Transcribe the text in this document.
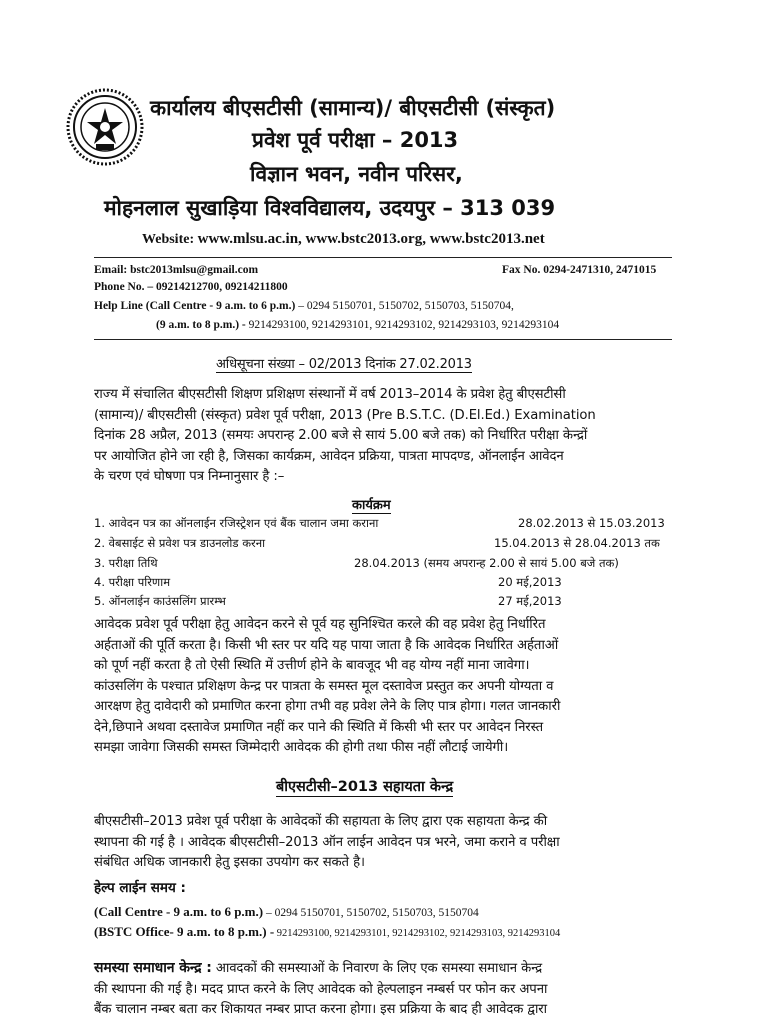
कार्यालय बीएसटीसी (सामान्य)/ बीएसटीसी (संस्कृत)
प्रवेश पूर्व परीक्षा – 2013
विज्ञान भवन, नवीन परिसर,
मोहनलाल सुखाड़िया विश्वविद्यालय, उदयपुर – 313 039
Website: www.mlsu.ac.in, www.bstc2013.org, www.bstc2013.net
Email: bstc2013mlsu@gmail.com	Fax No. 0294-2471310, 2471015
Phone No. – 09214212700, 09214211800
Help Line (Call Centre - 9 a.m. to 6 p.m.) – 0294 5150701, 5150702, 5150703, 5150704,
(9 a.m. to 8 p.m.) - 9214293100, 9214293101, 9214293102, 9214293103, 9214293104
अधिसूचना संख्या – 02/2013 दिनांक 27.02.2013
राज्य में संचालित बीएसटीसी शिक्षण प्रशिक्षण संस्थानों में वर्ष 2013–2014 के प्रवेश हेतु बीएसटीसी
(सामान्य)/ बीएसटीसी (संस्कृत) प्रवेश पूर्व परीक्षा, 2013 (Pre B.S.T.C. (D.El.Ed.) Examination
दिनांक 28 अप्रैल, 2013 (समयः अपरान्ह 2.00 बजे से सायं 5.00 बजे तक) को निर्धारित परीक्षा केन्द्रों
पर आयोजित होने जा रही है, जिसका कार्यक्रम, आवेदन प्रक्रिया, पात्रता मापदण्ड, ऑनलाईन आवेदन
के चरण एवं घोषणा पत्र निम्नानुसार है :–
कार्यक्रम
1. आवेदन पत्र का ऑनलाईन रजिस्ट्रेशन एवं बैंक चालान जमा कराना	28.02.2013 से 15.03.2013
2. वेबसाईट से प्रवेश पत्र डाउनलोड करना	15.04.2013 से 28.04.2013 तक
3. परीक्षा तिथि	28.04.2013 (समय अपरान्ह 2.00 से सायं 5.00 बजे तक)
4. परीक्षा परिणाम	20 मई,2013
5. ऑनलाईन काउंसलिंग प्रारम्भ	27 मई,2013
आवेदक प्रवेश पूर्व परीक्षा हेतु आवेदन करने से पूर्व यह सुनिश्चित करले की वह प्रवेश हेतु निर्धारित
अर्हताओं की पूर्ति करता है। किसी भी स्तर पर यदि यह पाया जाता है कि आवेदक निर्धारित अर्हताओं
को पूर्ण नहीं करता है तो ऐसी स्थिति में उत्तीर्ण होने के बावजूद भी वह योग्य नहीं माना जावेगा।
कांउसलिंग के पश्चात प्रशिक्षण केन्द्र पर पात्रता के समस्त मूल दस्तावेज प्रस्तुत कर अपनी योग्यता व
आरक्षण हेतु दावेदारी को प्रमाणित करना होगा तभी वह प्रवेश लेने के लिए पात्र होगा। गलत जानकारी
देने,छिपाने अथवा दस्तावेज प्रमाणित नहीं कर पाने की स्थिति में किसी भी स्तर पर आवेदन निरस्त
समझा जावेगा जिसकी समस्त जिम्मेदारी आवेदक की होगी तथा फीस नहीं लौटाई जायेगी।
बीएसटीसी–2013 सहायता केन्द्र
बीएसटीसी–2013 प्रवेश पूर्व परीक्षा के आवेदकों की सहायता के लिए द्वारा एक सहायता केन्द्र की
स्थापना की गई है । आवेदक बीएसटीसी–2013 ऑन लाईन आवेदन पत्र भरने, जमा कराने व परीक्षा
संबंधित अधिक जानकारी हेतु इसका उपयोग कर सकते है।
हेल्प लाईन समय :
(Call Centre - 9 a.m. to 6 p.m.) – 0294 5150701, 5150702, 5150703, 5150704
(BSTC Office- 9 a.m. to 8 p.m.) - 9214293100, 9214293101, 9214293102, 9214293103, 9214293104
समस्या समाधान केन्द्र : आवदकों की समस्याओं के निवारण के लिए एक समस्या समाधान केन्द्र
की स्थापना की गई है। मदद प्राप्त करने के लिए आवेदक को हेल्पलाइन नम्बर्स पर फोन कर अपना
बैंक चालान नम्बर बता कर शिकायत नम्बर प्राप्त करना होगा। इस प्रक्रिया के बाद ही आवेदक द्वारा
